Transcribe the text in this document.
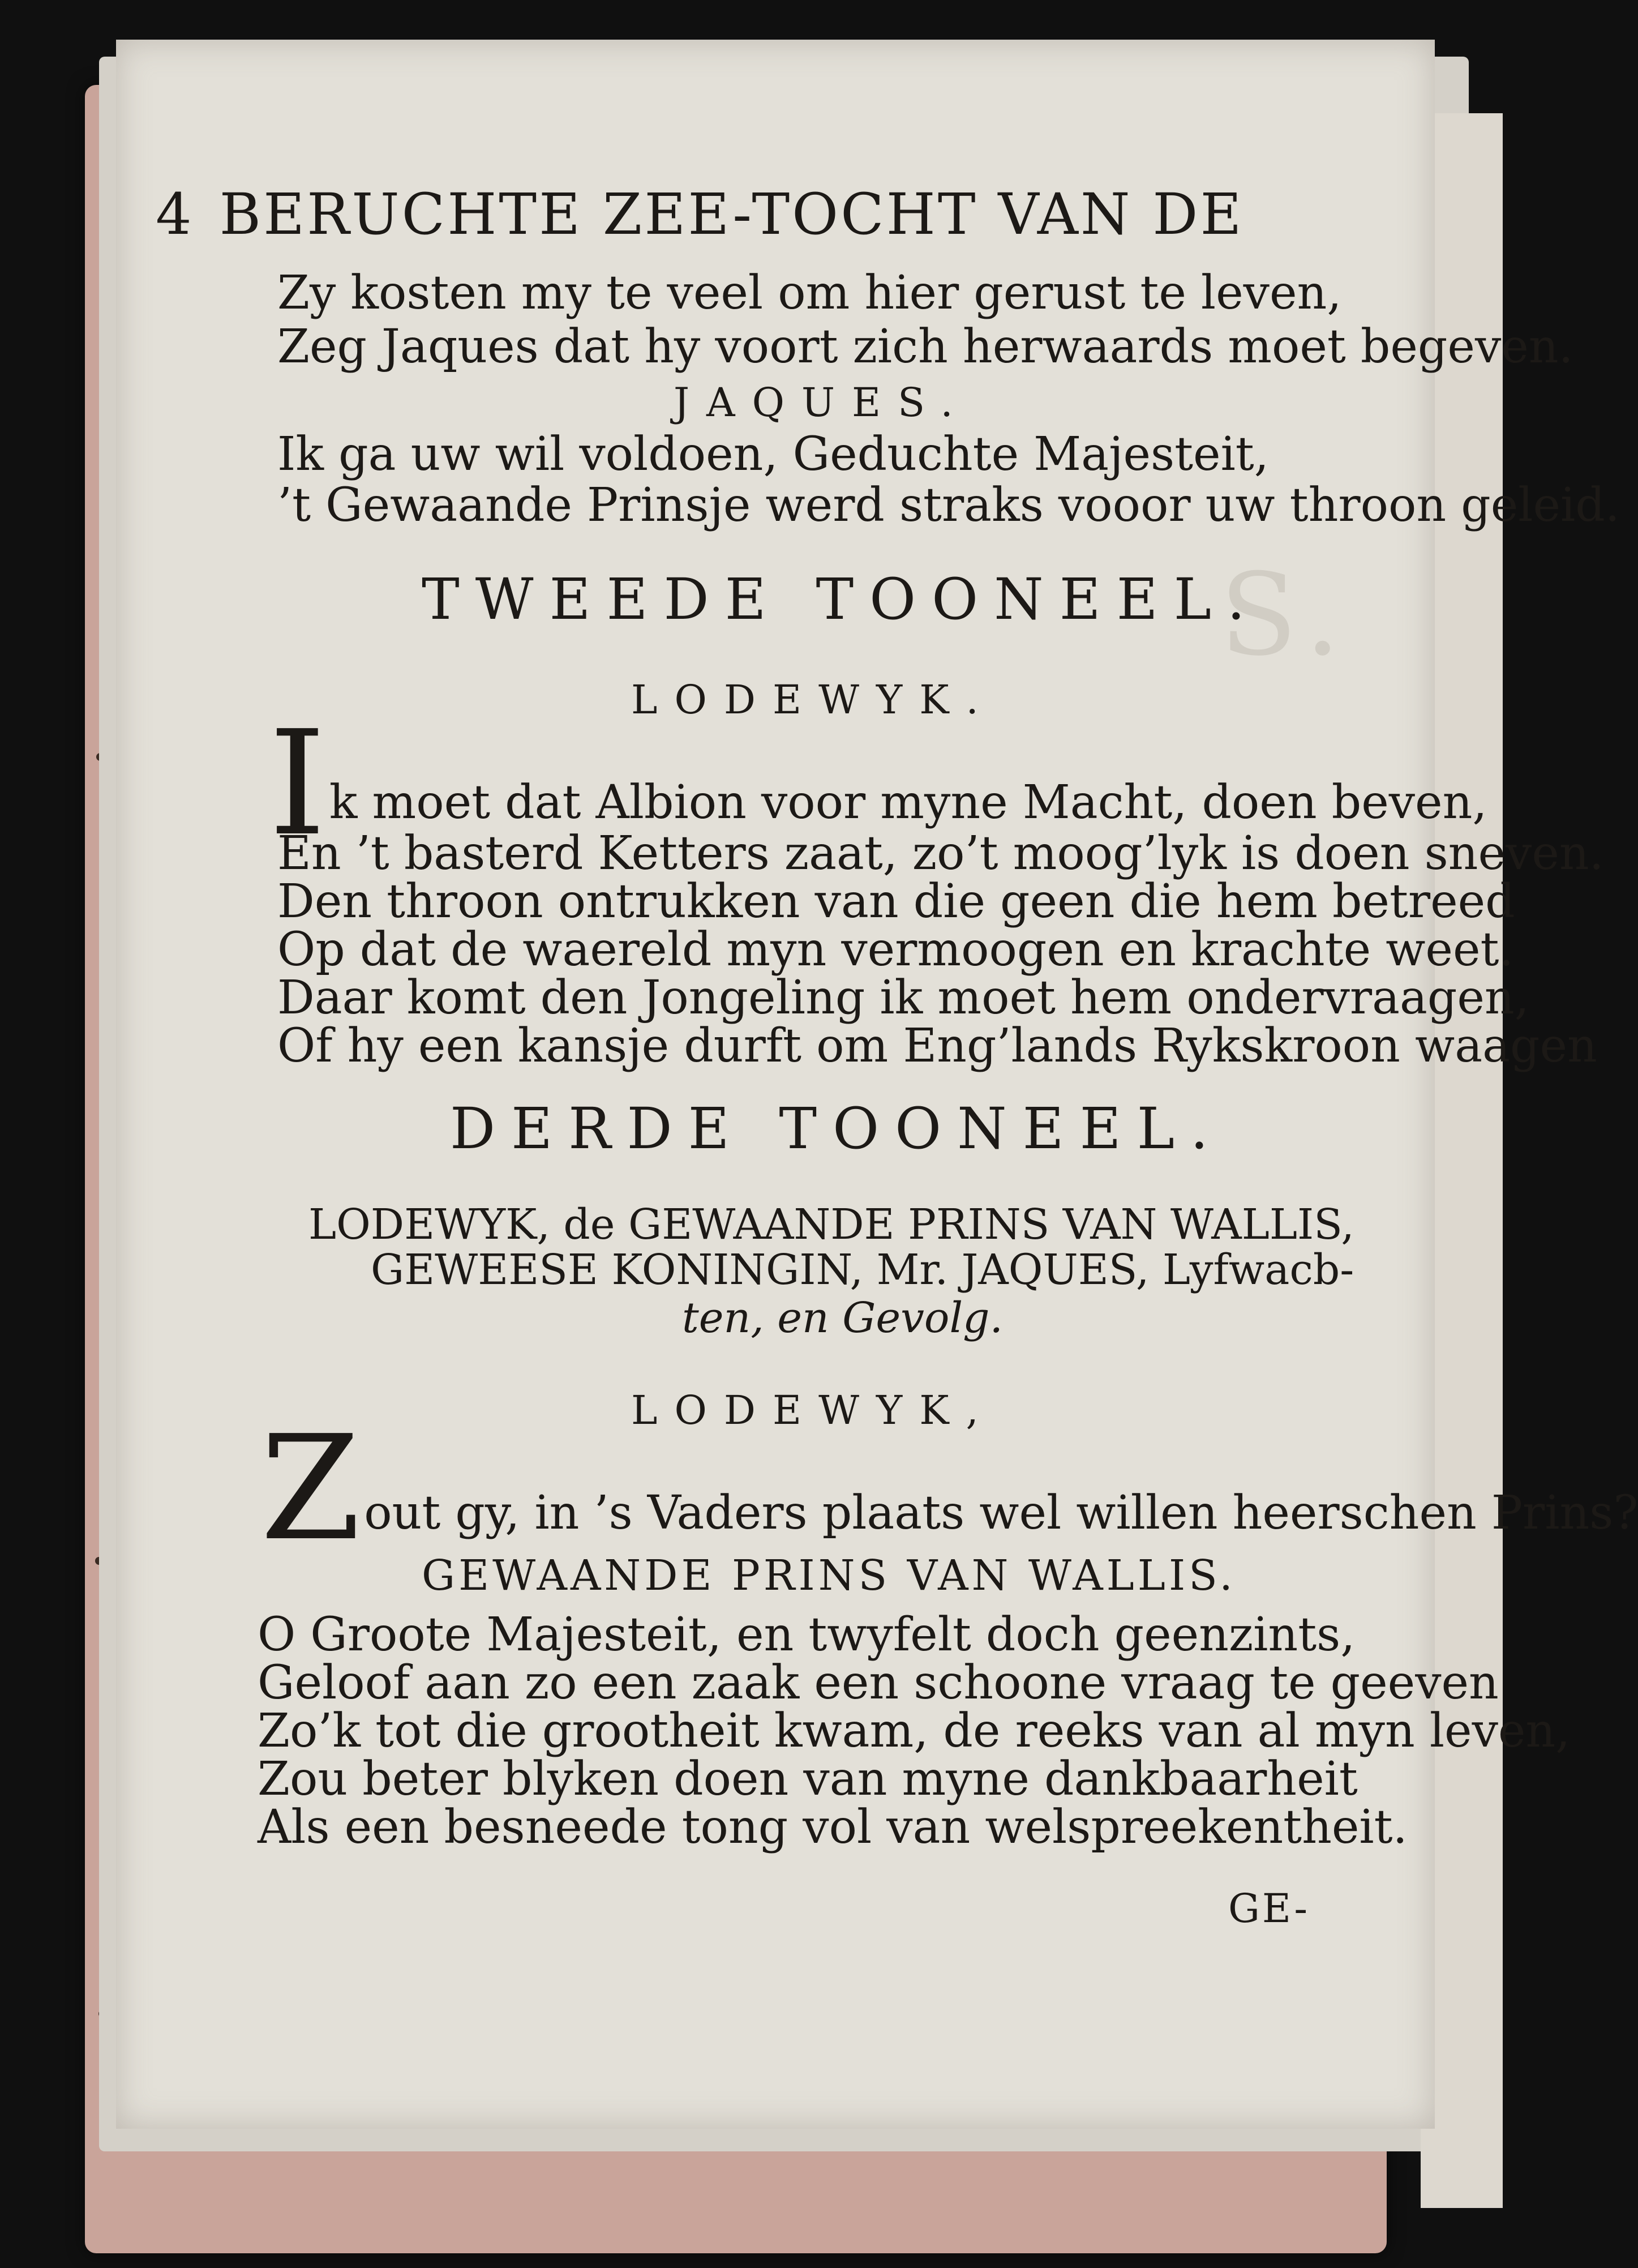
S.
4 BERUCHTE ZEE-TOCHT VAN DE
Zy kosten my te veel om hier gerust te leven,
Zeg Jaques dat hy voort zich herwaards moet begeven.
JAQUES.
Ik ga uw wil voldoen, Geduchte Majesteit,
’t Gewaande Prinsje werd straks vooor uw throon geleid.
TWEEDE TOONEEL.
LODEWYK.
I k moet dat Albion voor myne Macht, doen beven,
En ’t basterd Ketters zaat, zo’t moog’lyk is doen sneven.
Den throon ontrukken van die geen die hem betreed
Op dat de waereld myn vermoogen en krachte weet.
Daar komt den Jongeling ik moet hem ondervraagen,
Of hy een kansje durft om Eng’lands Rykskroon waagen
DERDE TOONEEL.
LODEWYK, de GEWAANDE PRINS VAN WALLIS,
GEWEESE KONINGIN, Mr. JAQUES, Lyfwacb-
ten, en Gevolg.
LODEWYK,
Z out gy, in ’s Vaders plaats wel willen heerschen Prins?
GEWAANDE PRINS VAN WALLIS.
O Groote Majesteit, en twyfelt doch geenzints,
Geloof aan zo een zaak een schoone vraag te geeven
Zo’k tot die grootheit kwam, de reeks van al myn leven,
Zou beter blyken doen van myne dankbaarheit
Als een besneede tong vol van welspreekentheit.
GE-
